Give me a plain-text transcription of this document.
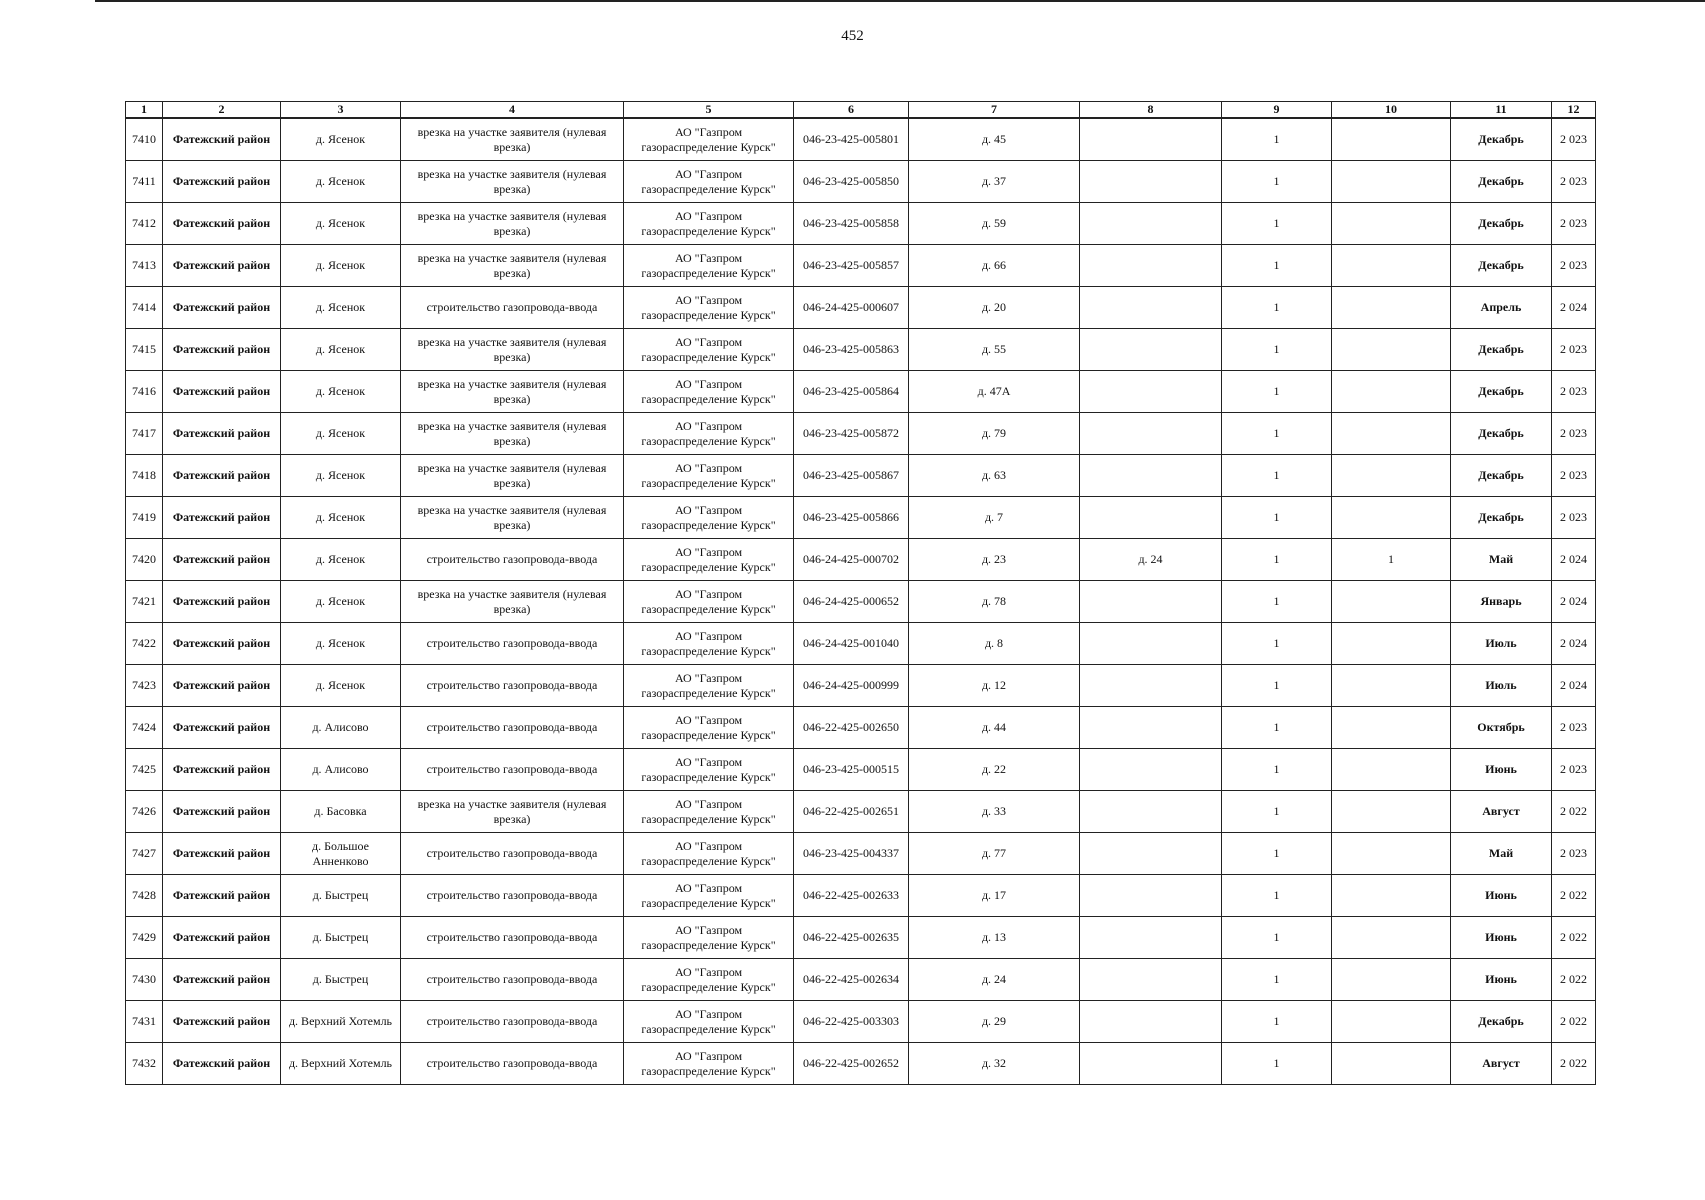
452
1	2	3	4	5	6	7	8	9	10	11	12
7410	Фатежский район	д. Ясенок	врезка на участке заявителя (нулевая врезка)	АО "Газпром газораспределение Курск"	046-23-425-005801	д. 45		1		Декабрь	2 023
7411	Фатежский район	д. Ясенок	врезка на участке заявителя (нулевая врезка)	АО "Газпром газораспределение Курск"	046-23-425-005850	д. 37		1		Декабрь	2 023
7412	Фатежский район	д. Ясенок	врезка на участке заявителя (нулевая врезка)	АО "Газпром газораспределение Курск"	046-23-425-005858	д. 59		1		Декабрь	2 023
7413	Фатежский район	д. Ясенок	врезка на участке заявителя (нулевая врезка)	АО "Газпром газораспределение Курск"	046-23-425-005857	д. 66		1		Декабрь	2 023
7414	Фатежский район	д. Ясенок	строительство газопровода-ввода	АО "Газпром газораспределение Курск"	046-24-425-000607	д. 20		1		Апрель	2 024
7415	Фатежский район	д. Ясенок	врезка на участке заявителя (нулевая врезка)	АО "Газпром газораспределение Курск"	046-23-425-005863	д. 55		1		Декабрь	2 023
7416	Фатежский район	д. Ясенок	врезка на участке заявителя (нулевая врезка)	АО "Газпром газораспределение Курск"	046-23-425-005864	д. 47А		1		Декабрь	2 023
7417	Фатежский район	д. Ясенок	врезка на участке заявителя (нулевая врезка)	АО "Газпром газораспределение Курск"	046-23-425-005872	д. 79		1		Декабрь	2 023
7418	Фатежский район	д. Ясенок	врезка на участке заявителя (нулевая врезка)	АО "Газпром газораспределение Курск"	046-23-425-005867	д. 63		1		Декабрь	2 023
7419	Фатежский район	д. Ясенок	врезка на участке заявителя (нулевая врезка)	АО "Газпром газораспределение Курск"	046-23-425-005866	д. 7		1		Декабрь	2 023
7420	Фатежский район	д. Ясенок	строительство газопровода-ввода	АО "Газпром газораспределение Курск"	046-24-425-000702	д. 23	д. 24	1	1	Май	2 024
7421	Фатежский район	д. Ясенок	врезка на участке заявителя (нулевая врезка)	АО "Газпром газораспределение Курск"	046-24-425-000652	д. 78		1		Январь	2 024
7422	Фатежский район	д. Ясенок	строительство газопровода-ввода	АО "Газпром газораспределение Курск"	046-24-425-001040	д. 8		1		Июль	2 024
7423	Фатежский район	д. Ясенок	строительство газопровода-ввода	АО "Газпром газораспределение Курск"	046-24-425-000999	д. 12		1		Июль	2 024
7424	Фатежский район	д. Алисово	строительство газопровода-ввода	АО "Газпром газораспределение Курск"	046-22-425-002650	д. 44		1		Октябрь	2 023
7425	Фатежский район	д. Алисово	строительство газопровода-ввода	АО "Газпром газораспределение Курск"	046-23-425-000515	д. 22		1		Июнь	2 023
7426	Фатежский район	д. Басовка	врезка на участке заявителя (нулевая врезка)	АО "Газпром газораспределение Курск"	046-22-425-002651	д. 33		1		Август	2 022
7427	Фатежский район	д. Большое Анненково	строительство газопровода-ввода	АО "Газпром газораспределение Курск"	046-23-425-004337	д. 77		1		Май	2 023
7428	Фатежский район	д. Быстрец	строительство газопровода-ввода	АО "Газпром газораспределение Курск"	046-22-425-002633	д. 17		1		Июнь	2 022
7429	Фатежский район	д. Быстрец	строительство газопровода-ввода	АО "Газпром газораспределение Курск"	046-22-425-002635	д. 13		1		Июнь	2 022
7430	Фатежский район	д. Быстрец	строительство газопровода-ввода	АО "Газпром газораспределение Курск"	046-22-425-002634	д. 24		1		Июнь	2 022
7431	Фатежский район	д. Верхний Хотемль	строительство газопровода-ввода	АО "Газпром газораспределение Курск"	046-22-425-003303	д. 29		1		Декабрь	2 022
7432	Фатежский район	д. Верхний Хотемль	строительство газопровода-ввода	АО "Газпром газораспределение Курск"	046-22-425-002652	д. 32		1		Август	2 022
